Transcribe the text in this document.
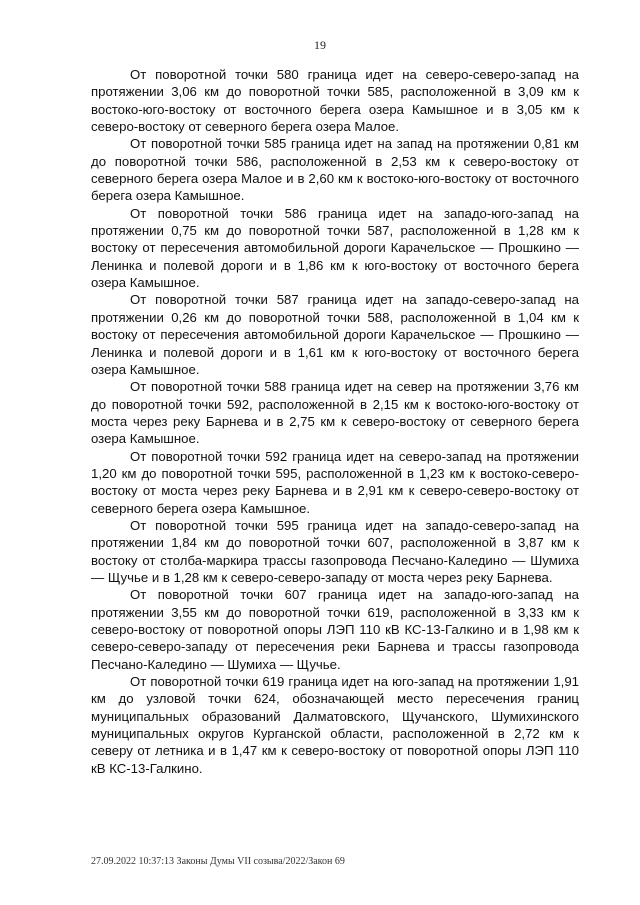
19

От поворотной точки 580 граница идет на северо-северо-запад на протяжении 3,06 км до поворотной точки 585, расположенной в 3,09 км к востоко-юго-востоку от восточного берега озера Камышное и в 3,05 км к северо-востоку от северного берега озера Малое.

От поворотной точки 585 граница идет на запад на протяжении 0,81 км до поворотной точки 586, расположенной в 2,53 км к северо-востоку от северного берега озера Малое и в 2,60 км к востоко-юго-востоку от восточного берега озера Камышное.

От поворотной точки 586 граница идет на западо-юго-запад на протяжении 0,75 км до поворотной точки 587, расположенной в 1,28 км к востоку от пересечения автомобильной дороги Карачельское — Прошкино — Ленинка и полевой дороги и в 1,86 км к юго-востоку от восточного берега озера Камышное.

От поворотной точки 587 граница идет на западо-северо-запад на протяжении 0,26 км до поворотной точки 588, расположенной в 1,04 км к востоку от пересечения автомобильной дороги Карачельское — Прошкино — Ленинка и полевой дороги и в 1,61 км к юго-востоку от восточного берега озера Камышное.

От поворотной точки 588 граница идет на север на протяжении 3,76 км до поворотной точки 592, расположенной в 2,15 км к востоко-юго-востоку от моста через реку Барнева и в 2,75 км к северо-востоку от северного берега озера Камышное.

От поворотной точки 592 граница идет на северо-запад на протяжении 1,20 км до поворотной точки 595, расположенной в 1,23 км к востоко-северо-востоку от моста через реку Барнева и в 2,91 км к северо-северо-востоку от северного берега озера Камышное.

От поворотной точки 595 граница идет на западо-северо-запад на протяжении 1,84 км до поворотной точки 607, расположенной в 3,87 км к востоку от столба-маркира трассы газопровода Песчано-Каледино — Шумиха — Щучье и в 1,28 км к северо-северо-западу от моста через реку Барнева.

От поворотной точки 607 граница идет на западо-юго-запад на протяжении 3,55 км до поворотной точки 619, расположенной в 3,33 км к северо-востоку от поворотной опоры ЛЭП 110 кВ КС-13-Галкино и в 1,98 км к северо-северо-западу от пересечения реки Барнева и трассы газопровода Песчано-Каледино — Шумиха — Щучье.

От поворотной точки 619 граница идет на юго-запад на протяжении 1,91 км до узловой точки 624, обозначающей место пересечения границ муниципальных образований Далматовского, Щучанского, Шумихинского муниципальных округов Курганской области, расположенной в 2,72 км к северу от летника и в 1,47 км к северо-востоку от поворотной опоры ЛЭП 110 кВ КС-13-Галкино.

27.09.2022 10:37:13 Законы Думы VII созыва/2022/Закон 69
